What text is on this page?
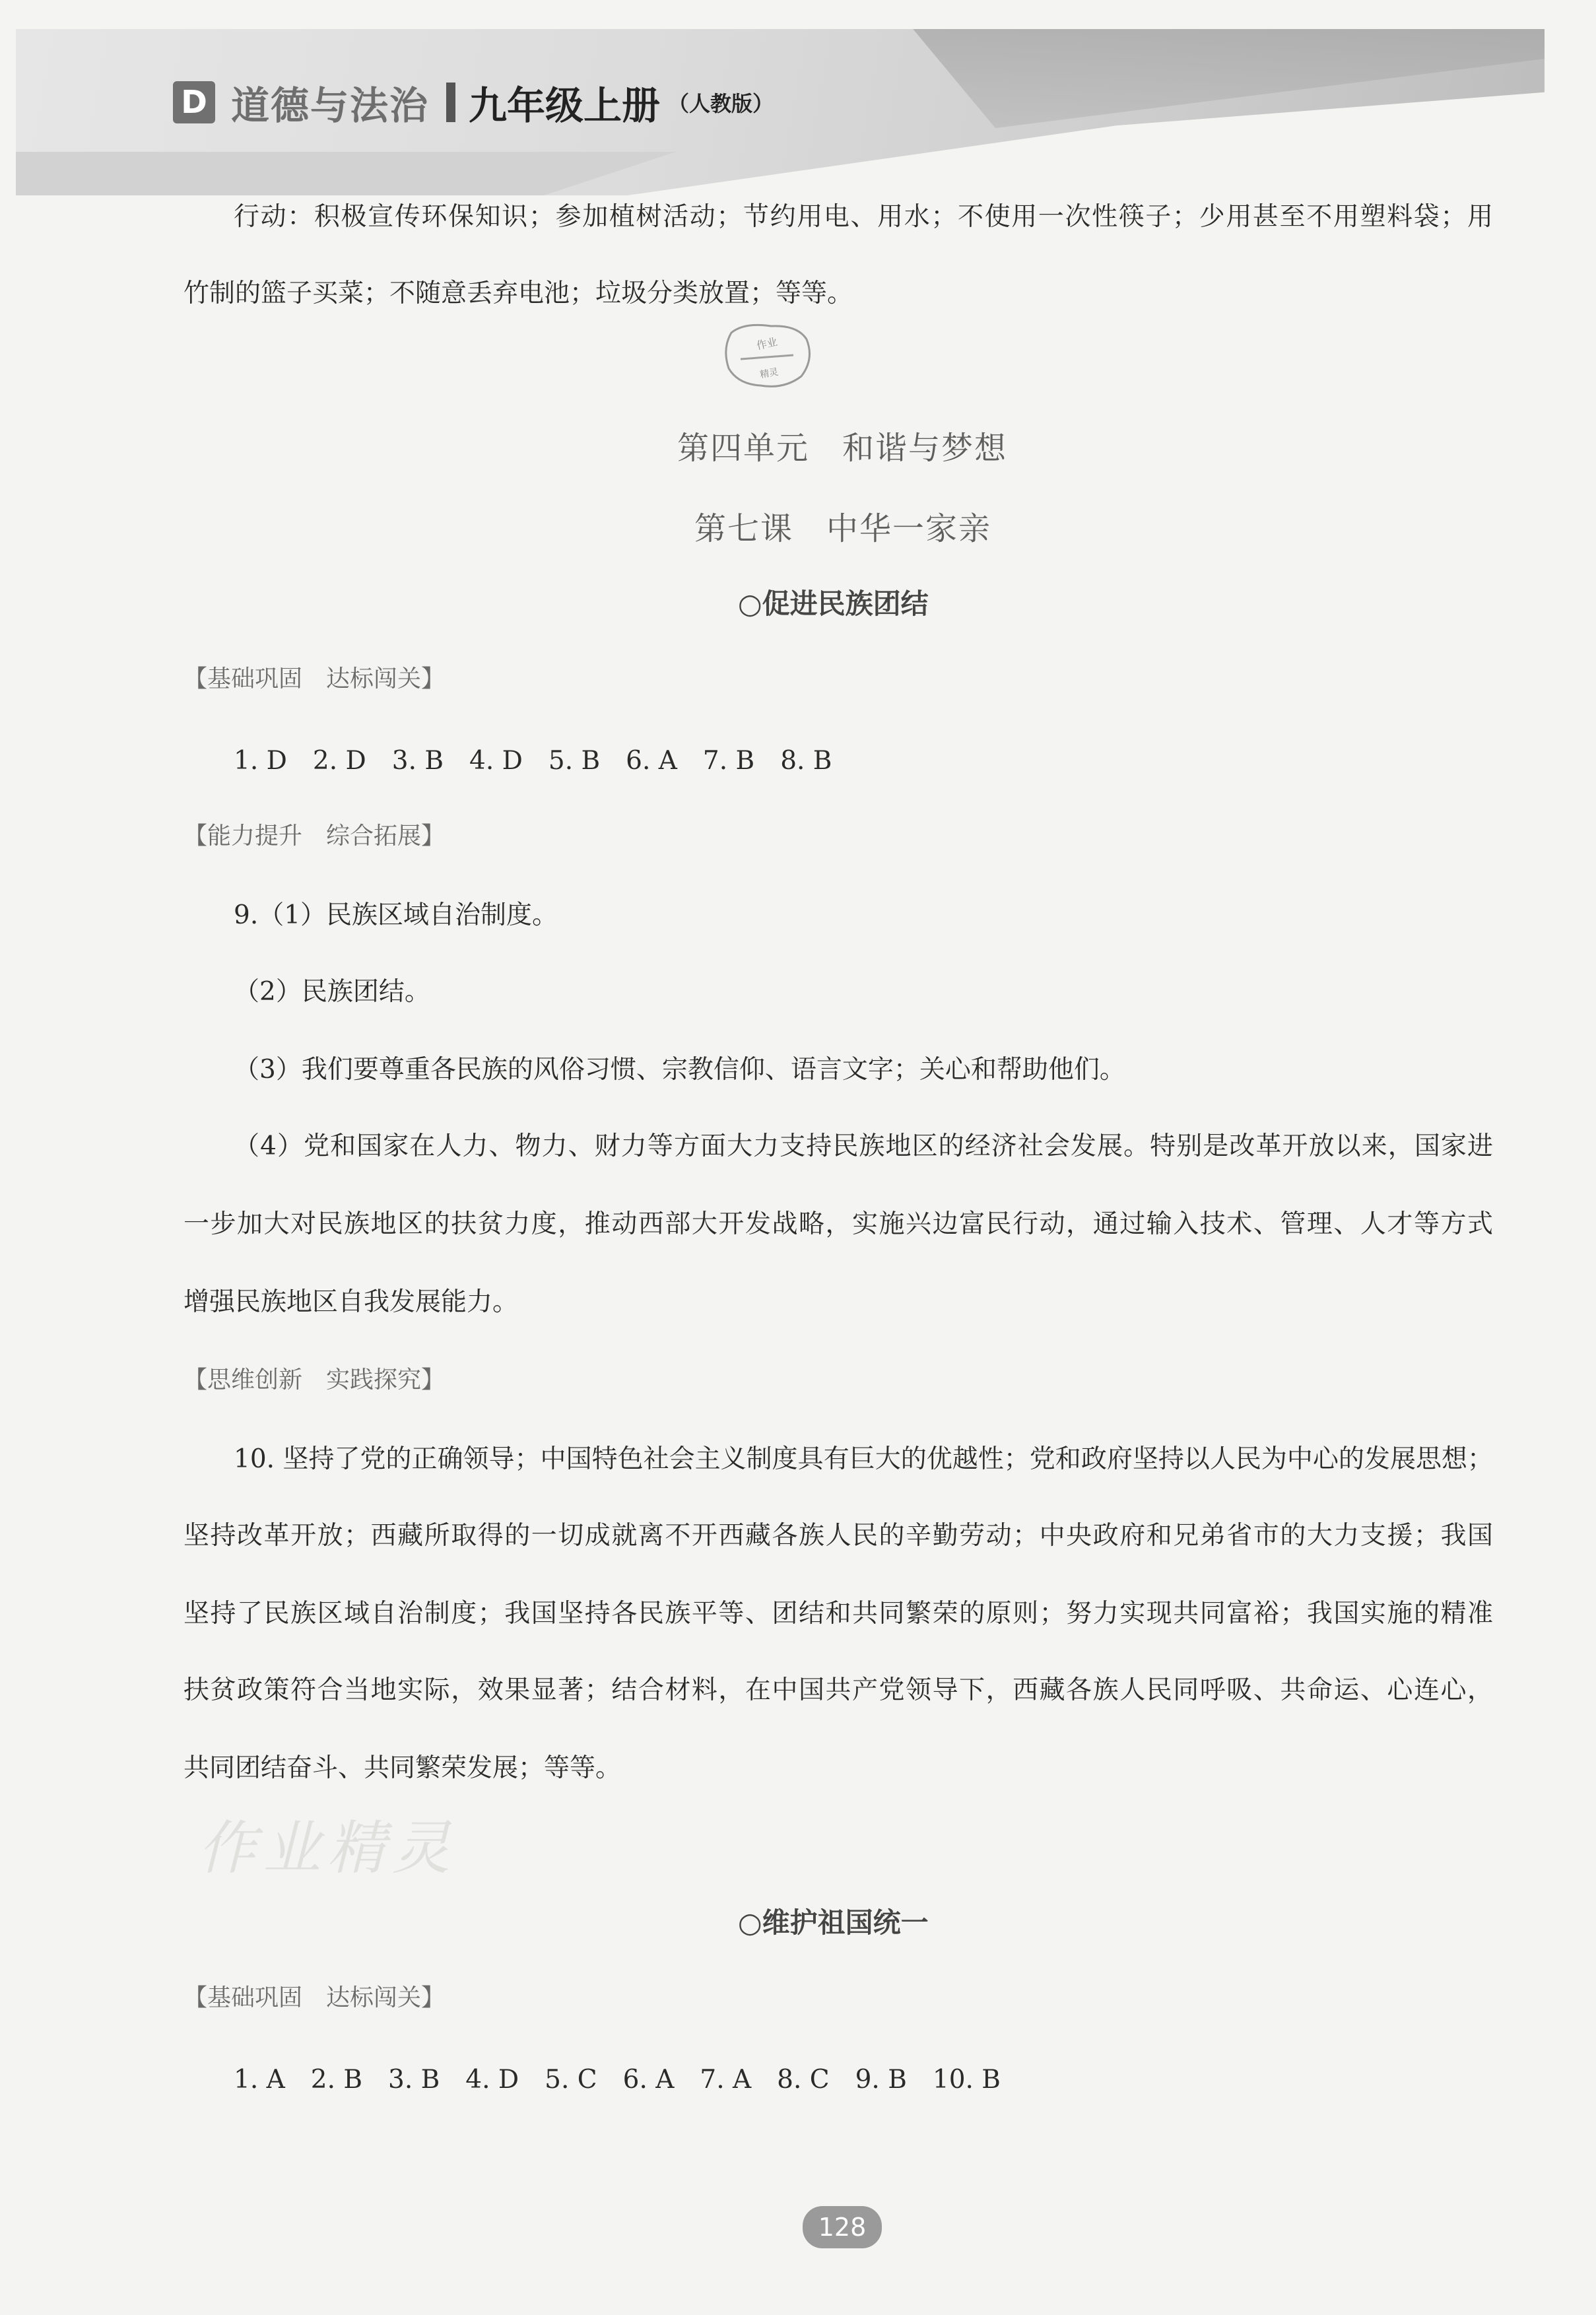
D 道德与法治 九年级上册 （人教版）
行动：积极宣传环保知识；参加植树活动；节约用电、用水；不使用一次性筷子；少用甚至不用塑料袋；用
竹制的篮子买菜；不随意丢弃电池；垃圾分类放置；等等。
作业
精灵
第四单元　和谐与梦想
第七课　中华一家亲
○促进民族团结
【基础巩固　达标闯关】
1. D　2. D　3. B　4. D　5. B　6. A　7. B　8. B
【能力提升　综合拓展】
9.（1）民族区域自治制度。
（2）民族团结。
（3）我们要尊重各民族的风俗习惯、宗教信仰、语言文字；关心和帮助他们。
（4）党和国家在人力、物力、财力等方面大力支持民族地区的经济社会发展。特别是改革开放以来，国家进
一步加大对民族地区的扶贫力度，推动西部大开发战略，实施兴边富民行动，通过输入技术、管理、人才等方式
增强民族地区自我发展能力。
【思维创新　实践探究】
10. 坚持了党的正确领导；中国特色社会主义制度具有巨大的优越性；党和政府坚持以人民为中心的发展思想；
坚持改革开放；西藏所取得的一切成就离不开西藏各族人民的辛勤劳动；中央政府和兄弟省市的大力支援；我国
坚持了民族区域自治制度；我国坚持各民族平等、团结和共同繁荣的原则；努力实现共同富裕；我国实施的精准
扶贫政策符合当地实际，效果显著；结合材料，在中国共产党领导下，西藏各族人民同呼吸、共命运、心连心，
共同团结奋斗、共同繁荣发展；等等。
作业精灵
○维护祖国统一
【基础巩固　达标闯关】
1. A　2. B　3. B　4. D　5. C　6. A　7. A　8. C　9. B　10. B
128
